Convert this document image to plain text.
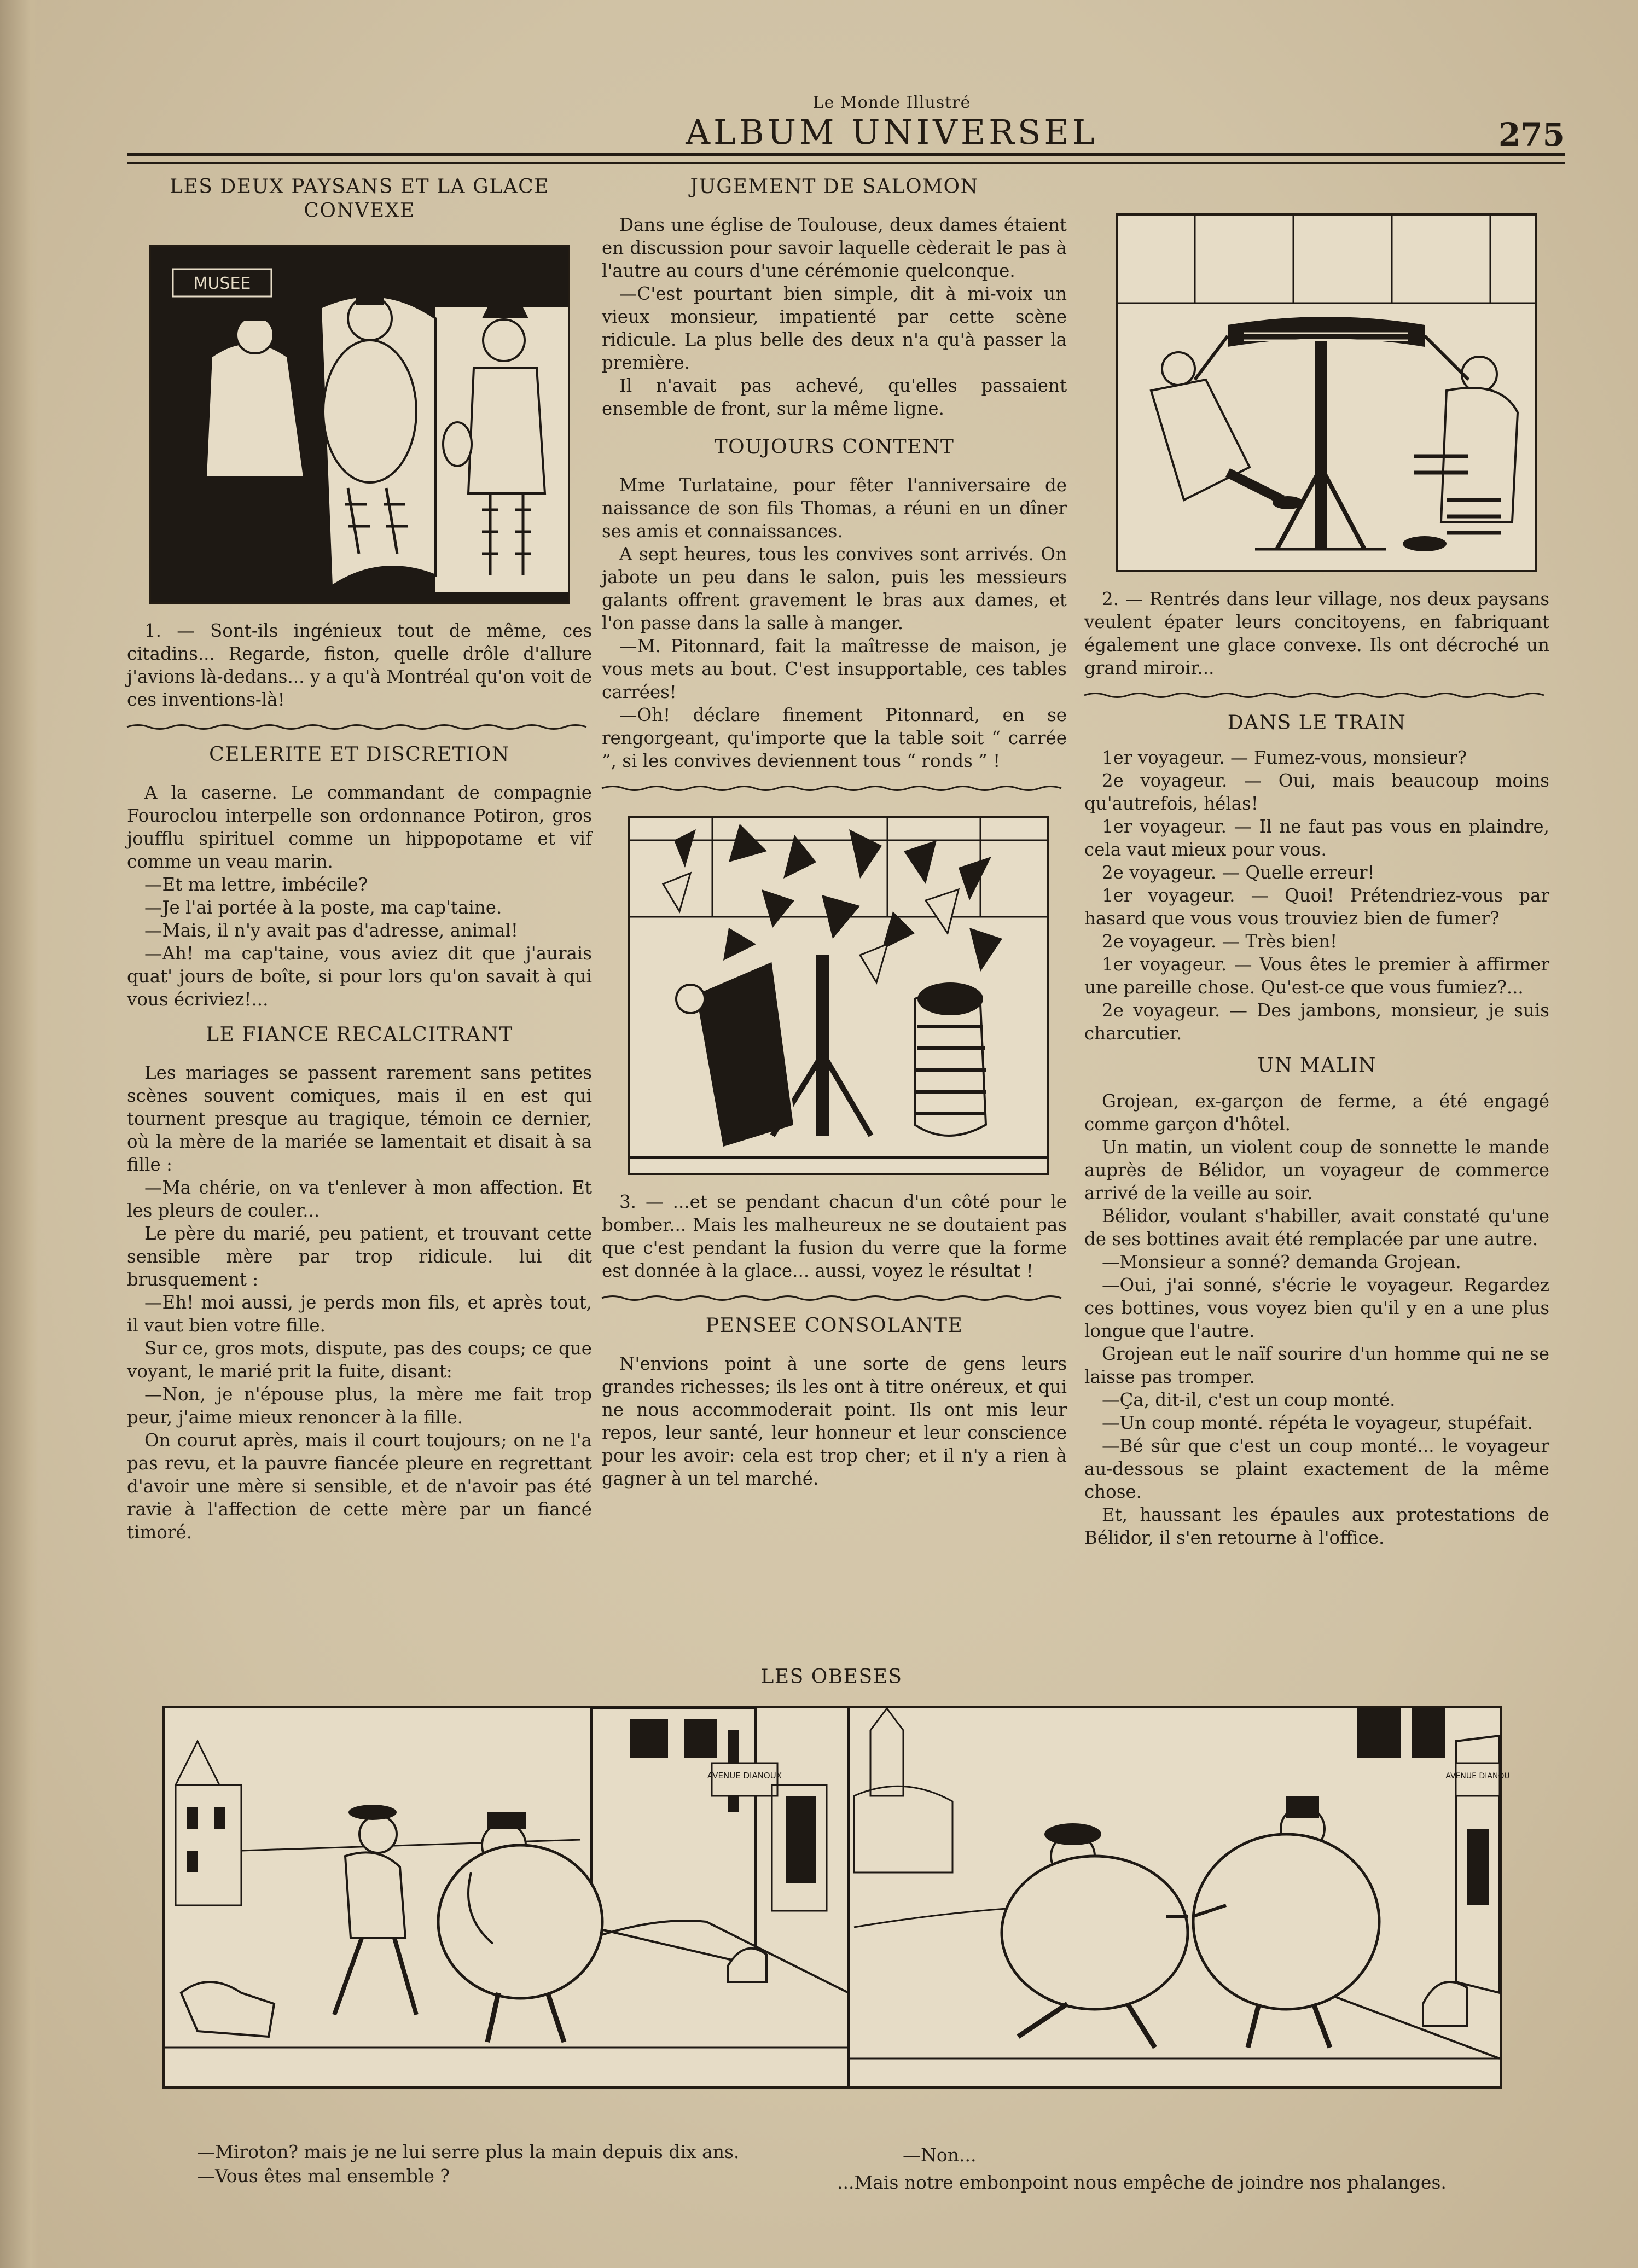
Le Monde Illustré
ALBUM UNIVERSEL	275
LES DEUX PAYSANS ET LA GLACE CONVEXE
MUSEE

1. — Sont-ils ingénieux tout de même, ces citadins... Regarde, fiston, quelle drôle d'allure j'avions là-dedans... y a qu'à Montréal qu'on voit de ces inventions-là!

CELERITE ET DISCRETION

A la caserne. Le commandant de compagnie Fouroclou interpelle son ordonnance Potiron, gros joufflu spirituel comme un hippopotame et vif comme un veau marin.

—Et ma lettre, imbécile?

—Je l'ai portée à la poste, ma cap'taine.

—Mais, il n'y avait pas d'adresse, animal!

—Ah! ma cap'taine, vous aviez dit que j'aurais quat' jours de boîte, si pour lors qu'on savait à qui vous écriviez!...

LE FIANCE RECALCITRANT

Les mariages se passent rarement sans petites scènes souvent comiques, mais il en est qui tournent presque au tragique, témoin ce dernier, où la mère de la mariée se lamentait et disait à sa fille :

—Ma chérie, on va t'enlever à mon affection. Et les pleurs de couler...

Le père du marié, peu patient, et trouvant cette sensible mère par trop ridicule. lui dit brusquement :

—Eh! moi aussi, je perds mon fils, et après tout, il vaut bien votre fille.

Sur ce, gros mots, dispute, pas des coups; ce que voyant, le marié prit la fuite, disant:

—Non, je n'épouse plus, la mère me fait trop peur, j'aime mieux renoncer à la fille.

On courut après, mais il court toujours; on ne l'a pas revu, et la pauvre fiancée pleure en regrettant d'avoir une mère si sensible, et de n'avoir pas été ravie à l'affection de cette mère par un fiancé timoré.

JUGEMENT DE SALOMON

Dans une église de Toulouse, deux dames étaient en discussion pour savoir laquelle cèderait le pas à l'autre au cours d'une cérémonie quelconque.

—C'est pourtant bien simple, dit à mi-voix un vieux monsieur, impatienté par cette scène ridicule. La plus belle des deux n'a qu'à passer la première.

Il n'avait pas achevé, qu'elles passaient ensemble de front, sur la même ligne.

TOUJOURS CONTENT

Mme Turlataine, pour fêter l'anniversaire de naissance de son fils Thomas, a réuni en un dîner ses amis et connaissances.

A sept heures, tous les convives sont arrivés. On jabote un peu dans le salon, puis les messieurs galants offrent gravement le bras aux dames, et l'on passe dans la salle à manger.

—M. Pitonnard, fait la maîtresse de maison, je vous mets au bout. C'est insupportable, ces tables carrées!

—Oh! déclare finement Pitonnard, en se rengorgeant, qu'importe que la table soit “ carrée ”, si les convives deviennent tous “ ronds ” !

3. — ...et se pendant chacun d'un côté pour le bomber... Mais les malheureux ne se doutaient pas que c'est pendant la fusion du verre que la forme est donnée à la glace... aussi, voyez le résultat !

PENSEE CONSOLANTE

N'envions point à une sorte de gens leurs grandes richesses; ils les ont à titre onéreux, et qui ne nous accommoderait point. Ils ont mis leur repos, leur santé, leur honneur et leur conscience pour les avoir: cela est trop cher; et il n'y a rien à gagner à un tel marché.

2. — Rentrés dans leur village, nos deux paysans veulent épater leurs concitoyens, en fabriquant également une glace convexe. Ils ont décroché un grand miroir...

DANS LE TRAIN

1er voyageur. — Fumez-vous, monsieur?

2e voyageur. — Oui, mais beaucoup moins qu'autrefois, hélas!

1er voyageur. — Il ne faut pas vous en plaindre, cela vaut mieux pour vous.

2e voyageur. — Quelle erreur!

1er voyageur. — Quoi! Prétendriez-vous par hasard que vous vous trouviez bien de fumer?

2e voyageur. — Très bien!

1er voyageur. — Vous êtes le premier à affirmer une pareille chose. Qu'est-ce que vous fumiez?...

2e voyageur. — Des jambons, monsieur, je suis charcutier.

UN MALIN

Grojean, ex-garçon de ferme, a été engagé comme garçon d'hôtel.

Un matin, un violent coup de sonnette le mande auprès de Bélidor, un voyageur de commerce arrivé de la veille au soir.

Bélidor, voulant s'habiller, avait constaté qu'une de ses bottines avait été remplacée par une autre.

—Monsieur a sonné? demanda Grojean.

—Oui, j'ai sonné, s'écrie le voyageur. Regardez ces bottines, vous voyez bien qu'il y en a une plus longue que l'autre.

Grojean eut le naïf sourire d'un homme qui ne se laisse pas tromper.

—Ça, dit-il, c'est un coup monté.

—Un coup monté. répéta le voyageur, stupéfait.

—Bé sûr que c'est un coup monté... le voyageur au-dessous se plaint exactement de la même chose.

Et, haussant les épaules aux protestations de Bélidor, il s'en retourne à l'office.

LES OBESES
AVENUE DIANOUX	AVENUE DIANOU
—Miroton? mais je ne lui serre plus la main depuis dix ans.
—Vous êtes mal ensemble ?
—Non...
...Mais notre embonpoint nous empêche de joindre nos phalanges.
